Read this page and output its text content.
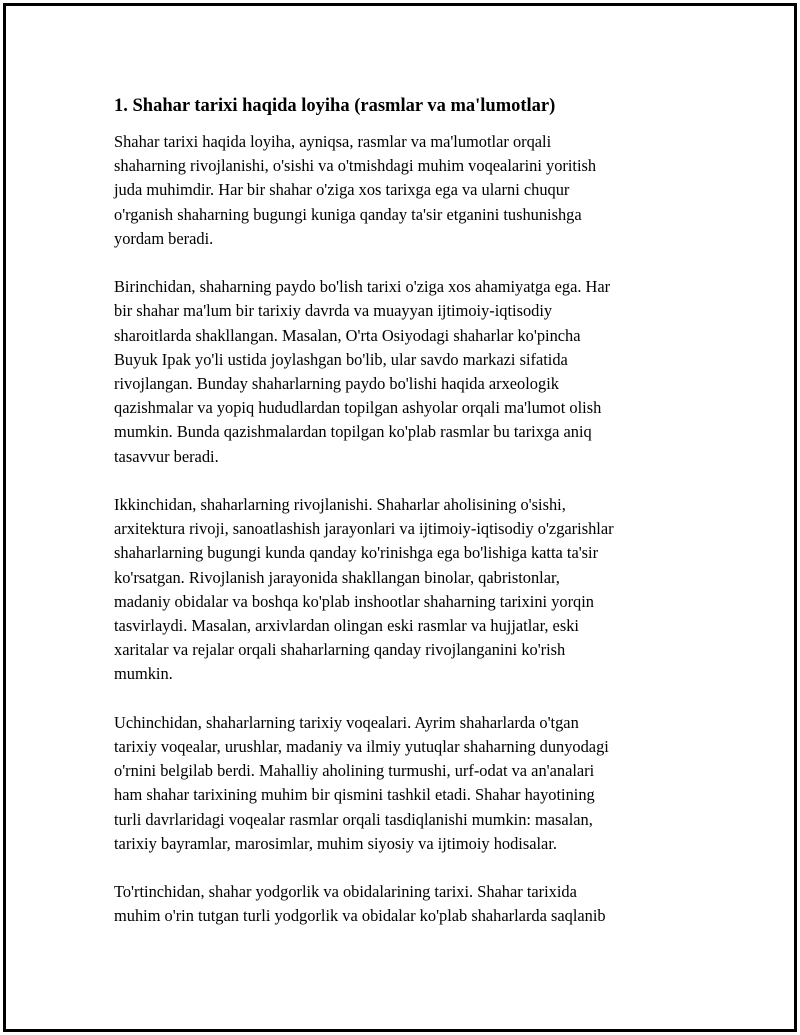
1. Shahar tarixi haqida loyiha (rasmlar va ma'lumotlar)
Shahar tarixi haqida loyiha, ayniqsa, rasmlar va ma'lumotlar orqali
shaharning rivojlanishi, o'sishi va o'tmishdagi muhim voqealarini yoritish
juda muhimdir. Har bir shahar o'ziga xos tarixga ega va ularni chuqur
o'rganish shaharning bugungi kuniga qanday ta'sir etganini tushunishga
yordam beradi.
Birinchidan, shaharning paydo bo'lish tarixi o'ziga xos ahamiyatga ega. Har
bir shahar ma'lum bir tarixiy davrda va muayyan ijtimoiy-iqtisodiy
sharoitlarda shakllangan. Masalan, O'rta Osiyodagi shaharlar ko'pincha
Buyuk Ipak yo'li ustida joylashgan bo'lib, ular savdo markazi sifatida
rivojlangan. Bunday shaharlarning paydo bo'lishi haqida arxeologik
qazishmalar va yopiq hududlardan topilgan ashyolar orqali ma'lumot olish
mumkin. Bunda qazishmalardan topilgan ko'plab rasmlar bu tarixga aniq
tasavvur beradi.
Ikkinchidan, shaharlarning rivojlanishi. Shaharlar aholisining o'sishi,
arxitektura rivoji, sanoatlashish jarayonlari va ijtimoiy-iqtisodiy o'zgarishlar
shaharlarning bugungi kunda qanday ko'rinishga ega bo'lishiga katta ta'sir
ko'rsatgan. Rivojlanish jarayonida shakllangan binolar, qabristonlar,
madaniy obidalar va boshqa ko'plab inshootlar shaharning tarixini yorqin
tasvirlaydi. Masalan, arxivlardan olingan eski rasmlar va hujjatlar, eski
xaritalar va rejalar orqali shaharlarning qanday rivojlanganini ko'rish
mumkin.
Uchinchidan, shaharlarning tarixiy voqealari. Ayrim shaharlarda o'tgan
tarixiy voqealar, urushlar, madaniy va ilmiy yutuqlar shaharning dunyodagi
o'rnini belgilab berdi. Mahalliy aholining turmushi, urf-odat va an'analari
ham shahar tarixining muhim bir qismini tashkil etadi. Shahar hayotining
turli davrlaridagi voqealar rasmlar orqali tasdiqlanishi mumkin: masalan,
tarixiy bayramlar, marosimlar, muhim siyosiy va ijtimoiy hodisalar.
To'rtinchidan, shahar yodgorlik va obidalarining tarixi. Shahar tarixida
muhim o'rin tutgan turli yodgorlik va obidalar ko'plab shaharlarda saqlanib
